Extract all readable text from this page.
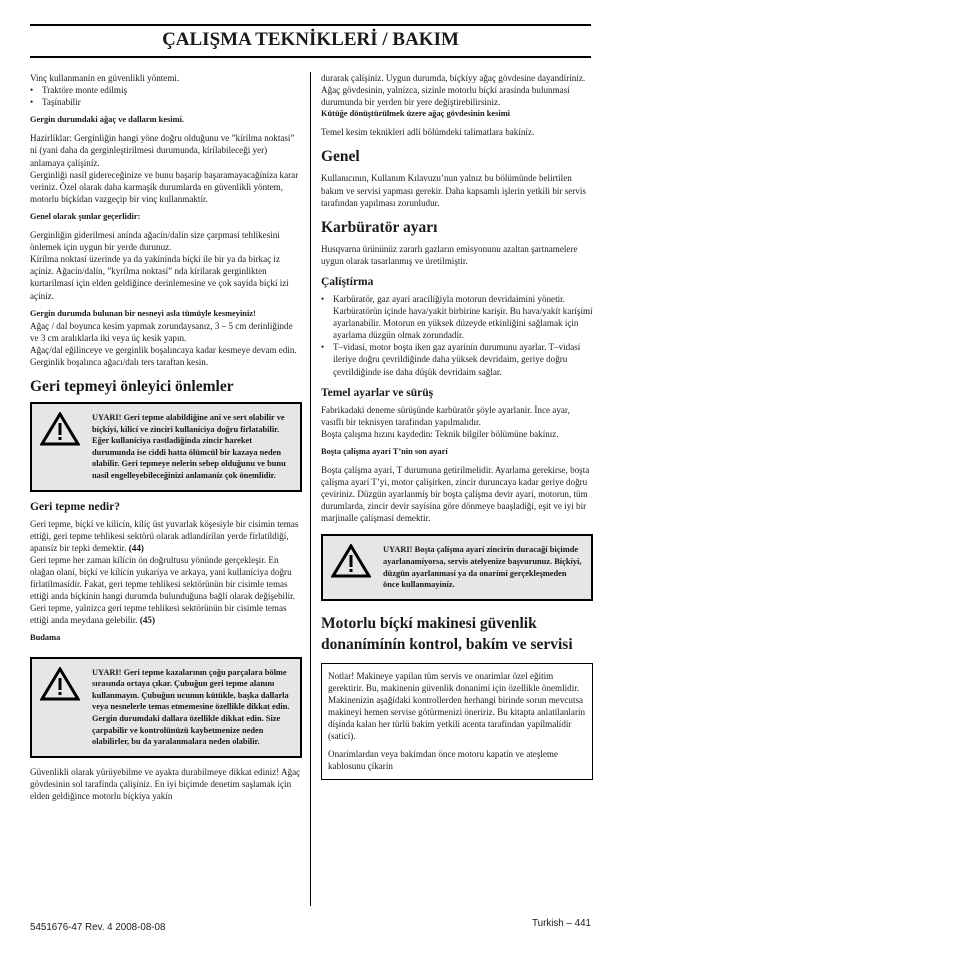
ÇALIŞMA TEKNİKLERİ / BAKIM

Vinç kullanmanín en güvenlikli yöntemi.

• Traktöre monte edilmiş
• Taşínabilir

Gergin durumdaki ağaç ve dalların kesimi.

Hazírlíklar: Gerginliğin hangi yöne doğru olduğunu ve ”kírílma noktasí” ní (yani daha da gerginleştirilmesi durumunda, kírílabileceği yer) anlamaya çalíşíníz.

Gerginliği nasíl gidereceğinize ve bunu başaríp başaramayacağíníza karar veriniz. Özel olarak daha karmaşík durumlarda en güvenlikli yöntem, motorlu bíçkídan vazgeçip bir vinç kullanmaktír.

Genel olarak şunlar geçerlidir:

Gerginliğin giderilmesi anínda ağacín/dalín size çarpmasí tehlikesini önlemek için uygun bir yerde durunuz.

Kírílma noktasí üzerinde ya da yakínínda bíçkí ile bir ya da birkaç iz açíníz. Ağacín/dalín, ”kyrílma noktasí” nda kírílarak gerginlikten kurtarílmasí için elden geldiğince derinlemesine ve çok sayída bíçkí izi açíníz.

Gergin durumda bulunan bir nesneyi asla tümüyle kesmeyiniz!

Ağaç / dal boyunca kesim yapmak zorundaysanız, 3 – 5 cm derinliğinde ve 3 cm aralıklarla iki veya üç kesik yapın.

Ağaç/dal eğilinceye ve gerginlik boşalıncaya kadar kesmeye devam edin.

Gerginlik boşalınca ağacı/dalı ters taraftan kesin.

Geri tepmeyi önleyici önlemler
UYARI! Geri tepme alabildiğine ani ve sert olabilir ve bíçkíyí, kilicí ve zinciri kullaníciya doğru fírlatabilir. Eğer kullaníciya rastladiğínda zincir hareket durumunda ise ciddi hatta ölümcül bir kazaya neden olabilir. Geri tepmeye nelerin sebep olduğunu ve bunu nasíl engelleyebileceğinizi anlamaníz çok önemlidir.
Geri tepme nedir?

Geri tepme, bíçkí ve kílícín, kílíç üst yuvarlak köşesiyle bir cisimin temas ettiği, geri tepme tehlikesi sektörü olarak adlandírílan yerde fírlatíldiğí, apansíz bir tepki demektir. (44)

Geri tepme her zaman kílícín ön doğrultusu yönünde gerçekleşir. En olağan olaní, bíçkí ve kílícín yukaríya ve arkaya, yani kullaníciya doğru fírlatílmasídír. Fakat, geri tepme tehlikesi sektörünün bir cisimle temas ettiği anda bíçkínín hangi durumda bulunduğuna bağlí olarak değişebilir.

Geri tepme, yalnízca geri tepme tehlikesi sektörünün bir cisimle temas ettiği anda meydana gelebilir. (45)

Budama

UYARI! Geri tepme kazalarının çoğu parçalara bölme sırasında ortaya çıkar. Çubuğun geri tepme alanını kullanmayın. Çubuğun ucunun kütükle, başka dallarla veya nesnelerle temas etmemesine özellikle dikkat edin. Gergin durumdaki dallara özellikle dikkat edin. Size çarpabilir ve kontrolünüzü kaybetmenize neden olabilirler, bu da yaralanmalara neden olabilir.

Güvenlikli olarak yürüyebilme ve ayakta durabilmeye dikkat ediniz! Ağaç gövdesinin sol tarafínda çalíşíníz. En iyi biçimde denetim saşlamak için elden geldiğince motorlu bíçkíya yakín

durarak çalíşíníz. Uygun durumda, bíçkíyy ağaç gövdesine dayandíríníz.

Ağaç gövdesinin, yalnízca, sizinle motorlu bíçkí arasínda bulunmasí durumunda bir yerden bir yere değiştirebilirsiniz.

Kütüğe dönüştürülmek üzere ağaç gövdesinin kesimi

Temel kesim teknikleri adlí bölümdeki talimatlara bakíníz.

Genel

Kullanıcının, Kullanım Kılavuzu’nun yalnız bu bölümünde belirtilen bakım ve servisi yapması gerekir. Daha kapsamlı işlerin yetkili bir servis tarafından yapılması zorunludur.

Karbüratör ayarı

Husqvarna ürününüz zararlı gazların emisyonunu azaltan şartnamelere uygun olarak tasarlanmış ve üretilmiştir.

Çalíştírma
• Karbüratör, gaz ayarí aracílíğíyla motorun devridaimini yönetir. Karbüratörün içinde hava/yakít birbirine karíşír. Bu hava/yakít karíşímí ayarlanabilir. Motorun en yüksek düzeyde etkinliğini sağlamak için ayarlama düzgün olmak zorundadír.
• T–vidasí, motor boşta iken gaz ayarínín durumunu ayarlar. T–vidasí ileriye doğru çevrildiğinde daha yüksek devridaim, geriye doğru çevrildiğinde ise daha düşük devridaim sağlar.
Temel ayarlar ve sürüş

Fabrikadaki deneme sürüşünde karbüratör şöyle ayarlanír. İnce ayar, vasıflı bir teknisyen tarafından yapılmalıdır.

Boşta çalışma hızını kaydedin: Teknik bilgiler bölümüne bakínız.

Boşta çalíşma ayarí T’nin son ayarí

Boşta çalíşma ayarí, T durumuna getirilmelidir. Ayarlama gerekirse, boşta çalíşma ayarí T’yi, motor çalíşírken, zincir duruncaya kadar geriye doğru çeviriniz. Düzgün ayarlanmíş bir boşta çalíşma devir ayarí, motorun, tüm durumlarda, zincir devir sayísína göre dönmeye baaşladíğí, eşit ve iyi bir marjinalle çalíşmasí demektir.

UYARI! Boşta çalíşma ayarí zincirin duracağí biçimde ayarlanamíyorsa, servis atelyenize başvurunuz. Bíçkíyí, düzgün ayarlanmasí ya da onarímí gerçekleşmeden önce kullanmayíníz.
Motorlu bíçkí makinesi güvenlik donanímínín kontrol, bakím ve servisi

Notlar! Makineye yapílan tüm servis ve onarímlar özel eğitim gerektirir. Bu, makinenin güvenlik donanímí için özellikle önemlidir. Makinenizin aşağídaki kontrollerden herhangi birinde sorun mevcutsa makineyi hemen servise götürmenizi öneririz. Bu kitapta anlatílanlarín díşínda kalan her türlü bakím yetkili acenta tarafíndan yapílmalídír (satící).

Onarímlardan veya bakímdan önce motoru kapatín ve ateşleme kablosunu çíkarín

5451676-47 Rev. 4 2008-08-08	Turkish – 441
